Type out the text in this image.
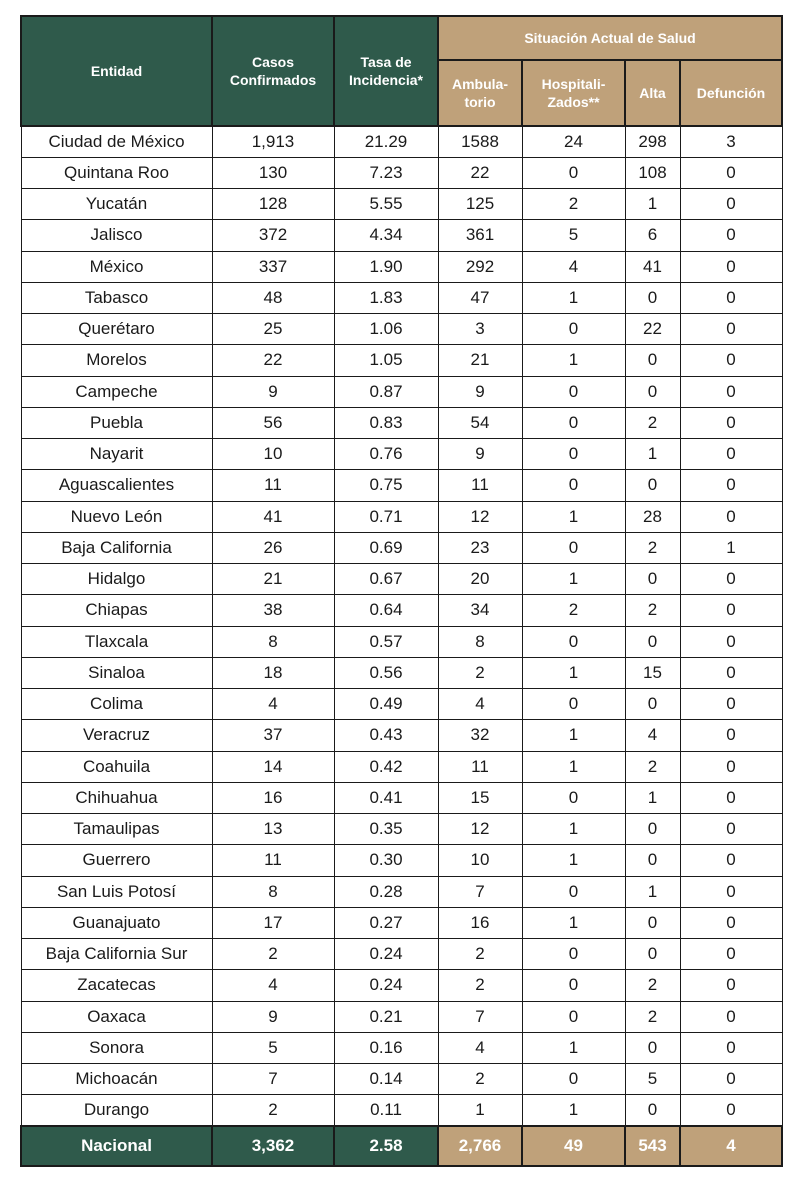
Entidad	Casos Confirmados	Tasa de Incidencia*	Situación Actual de Salud			
			Ambula-torio	Hospitali-Zados**	Alta	Defunción
Ciudad de México	1,913	21.29	1588	24	298	3
Quintana Roo	130	7.23	22	0	108	0
Yucatán	128	5.55	125	2	1	0
Jalisco	372	4.34	361	5	6	0
México	337	1.90	292	4	41	0
Tabasco	48	1.83	47	1	0	0
Querétaro	25	1.06	3	0	22	0
Morelos	22	1.05	21	1	0	0
Campeche	9	0.87	9	0	0	0
Puebla	56	0.83	54	0	2	0
Nayarit	10	0.76	9	0	1	0
Aguascalientes	11	0.75	11	0	0	0
Nuevo León	41	0.71	12	1	28	0
Baja California	26	0.69	23	0	2	1
Hidalgo	21	0.67	20	1	0	0
Chiapas	38	0.64	34	2	2	0
Tlaxcala	8	0.57	8	0	0	0
Sinaloa	18	0.56	2	1	15	0
Colima	4	0.49	4	0	0	0
Veracruz	37	0.43	32	1	4	0
Coahuila	14	0.42	11	1	2	0
Chihuahua	16	0.41	15	0	1	0
Tamaulipas	13	0.35	12	1	0	0
Guerrero	11	0.30	10	1	0	0
San Luis Potosí	8	0.28	7	0	1	0
Guanajuato	17	0.27	16	1	0	0
Baja California Sur	2	0.24	2	0	0	0
Zacatecas	4	0.24	2	0	2	0
Oaxaca	9	0.21	7	0	2	0
Sonora	5	0.16	4	1	0	0
Michoacán	7	0.14	2	0	5	0
Durango	2	0.11	1	1	0	0
Nacional	3,362	2.58	2,766	49	543	4
